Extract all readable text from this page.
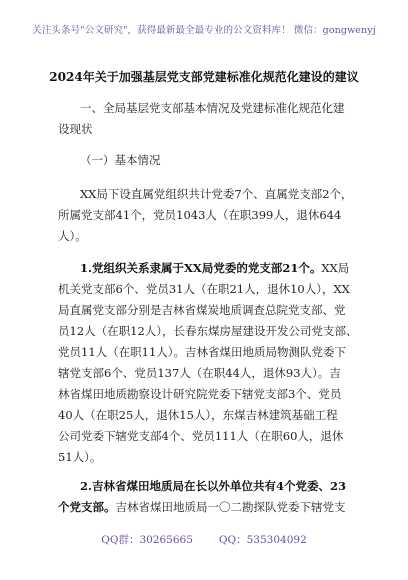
关注头条号"公文研究"，获得最新最全最专业的公文资料库！ 微信：gongwenyj
2024年关于加强基层党支部党建标准化规范化建设的建议

一、全局基层党支部基本情况及党建标准化规范化建

设现状

（一）基本情况

XX局下设直属党组织共计党委7个、直属党支部2个，

所属党支部41个，党员1043人（在职399人，退休644

人）。

1.党组织关系隶属于XX局党委的党支部21个。XX局

机关党支部6个、党员31人（在职21人，退休10人），XX

局直属党支部分别是吉林省煤炭地质调查总院党支部、党

员12人（在职12人），长春东煤房屋建设开发公司党支部、

党员11人（在职11人）。吉林省煤田地质局物测队党委下

辖党支部6个、党员137人（在职44人，退休93人）。吉

林省煤田地质勘察设计研究院党委下辖党支部3个、党员

40人（在职25人，退休15人），东煤吉林建筑基础工程

公司党委下辖党支部4个、党员111人（在职60人，退休

51人）。

2.吉林省煤田地质局在长以外单位共有4个党委、23

个党支部。吉林省煤田地质局一〇二勘探队党委下辖党支

QQ群：30265665 QQ：535304092
